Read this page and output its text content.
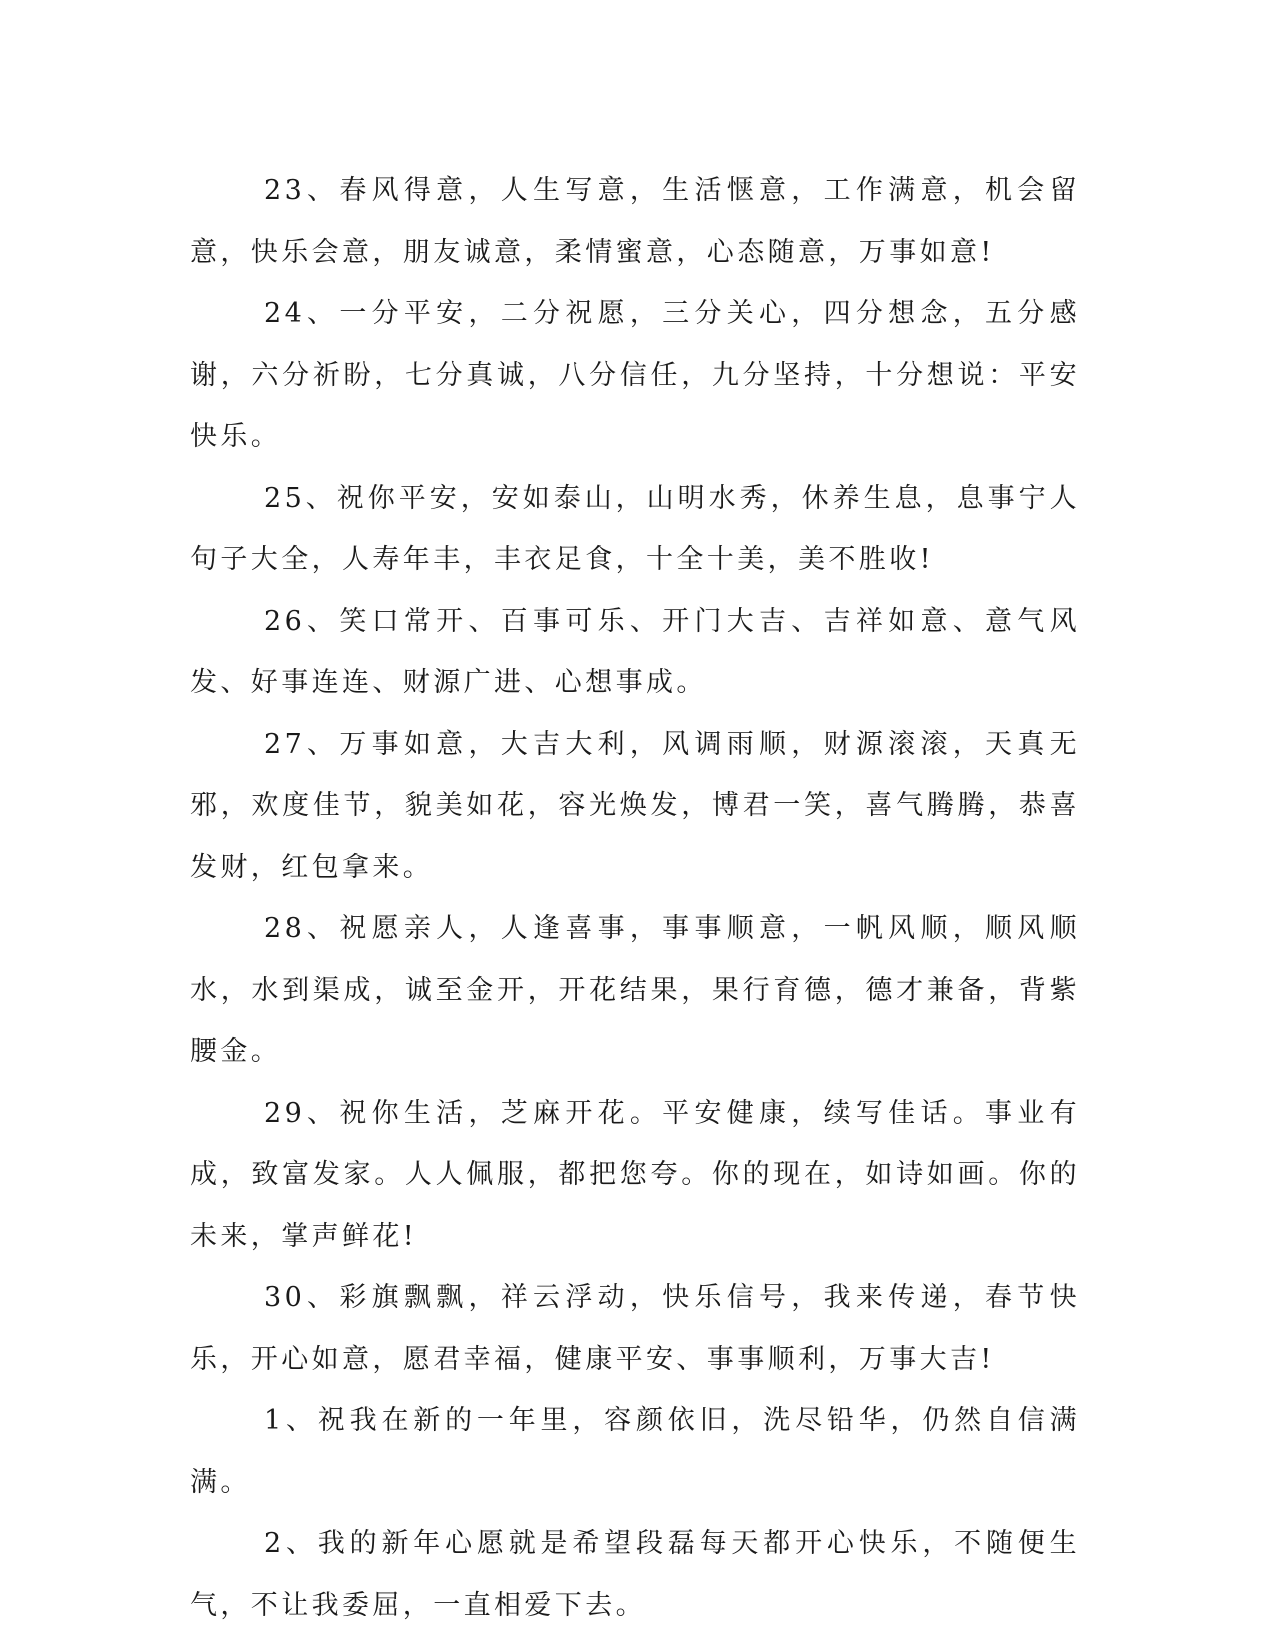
23、春风得意，人生写意，生活惬意，工作满意，机会留意，快乐会意，朋友诚意，柔情蜜意，心态随意，万事如意!

24、一分平安，二分祝愿，三分关心，四分想念，五分感谢，六分祈盼，七分真诚，八分信任，九分坚持，十分想说：平安快乐。

25、祝你平安，安如泰山，山明水秀，休养生息，息事宁人句子大全，人寿年丰，丰衣足食，十全十美，美不胜收!

26、笑口常开、百事可乐、开门大吉、吉祥如意、意气风发、好事连连、财源广进、心想事成。

27、万事如意，大吉大利，风调雨顺，财源滚滚，天真无邪，欢度佳节，貌美如花，容光焕发，博君一笑，喜气腾腾，恭喜发财，红包拿来。

28、祝愿亲人，人逢喜事，事事顺意，一帆风顺，顺风顺水，水到渠成，诚至金开，开花结果，果行育德，德才兼备，背紫腰金。

29、祝你生活，芝麻开花。平安健康，续写佳话。事业有成，致富发家。人人佩服，都把您夸。你的现在，如诗如画。你的未来，掌声鲜花!

30、彩旗飘飘，祥云浮动，快乐信号，我来传递，春节快乐，开心如意，愿君幸福，健康平安、事事顺利，万事大吉!

1、祝我在新的一年里，容颜依旧，洗尽铅华，仍然自信满满。

2、我的新年心愿就是希望段磊每天都开心快乐，不随便生气，不让我委屈，一直相爱下去。
